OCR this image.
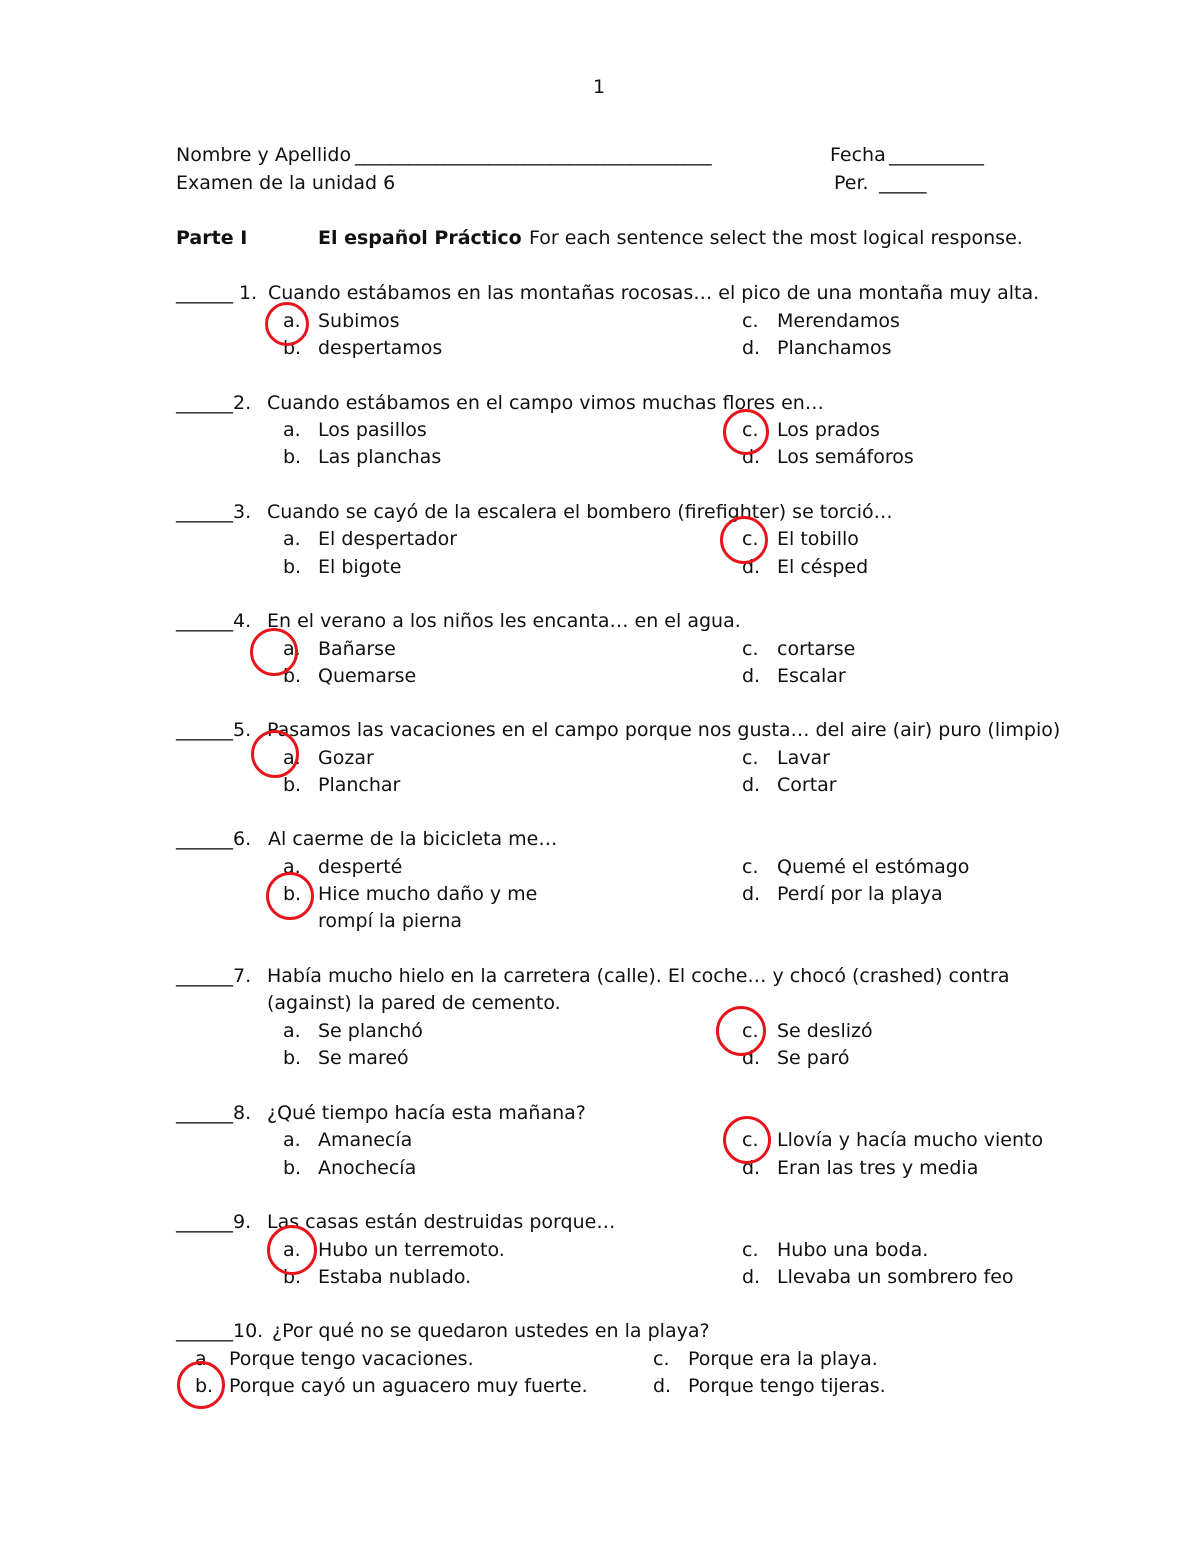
1
Nombre y Apellido ________________________________________	Fecha __________
Examen de la unidad 6	Per. _____
Parte I	El español Práctico For each sentence select the most logical response.
______ 1. Cuando estábamos en las montañas rocosas… el pico de una montaña muy alta.
a. Subimos
b. despertamos
c. Merendamos
d. Planchamos
______2. Cuando estábamos en el campo vimos muchas flores en…
a. Los pasillos
b. Las planchas
c. Los prados
d. Los semáforos
______3. Cuando se cayó de la escalera el bombero (firefighter) se torció…
a. El despertador
b. El bigote
c. El tobillo
d. El césped
______4. En el verano a los niños les encanta… en el agua.
a. Bañarse
b. Quemarse
c. cortarse
d. Escalar
______5. Pasamos las vacaciones en el campo porque nos gusta… del aire (air) puro (limpio)
a. Gozar
b. Planchar
c. Lavar
d. Cortar
______6. Al caerme de la bicicleta me…
a. desperté
b. Hice mucho daño y me
rompí la pierna
c. Quemé el estómago
d. Perdí por la playa
______7. Había mucho hielo en la carretera (calle). El coche… y chocó (crashed) contra
(against) la pared de cemento.
a. Se planchó
b. Se mareó
c. Se deslizó
d. Se paró
______8. ¿Qué tiempo hacía esta mañana?
a. Amanecía
b. Anochecía
c. Llovía y hacía mucho viento
d. Eran las tres y media
______9. Las casas están destruidas porque…
a. Hubo un terremoto.
b. Estaba nublado.
c. Hubo una boda.
d. Llevaba un sombrero feo
______10. ¿Por qué no se quedaron ustedes en la playa?
a. Porque tengo vacaciones.
b. Porque cayó un aguacero muy fuerte.
c. Porque era la playa.
d. Porque tengo tijeras.
